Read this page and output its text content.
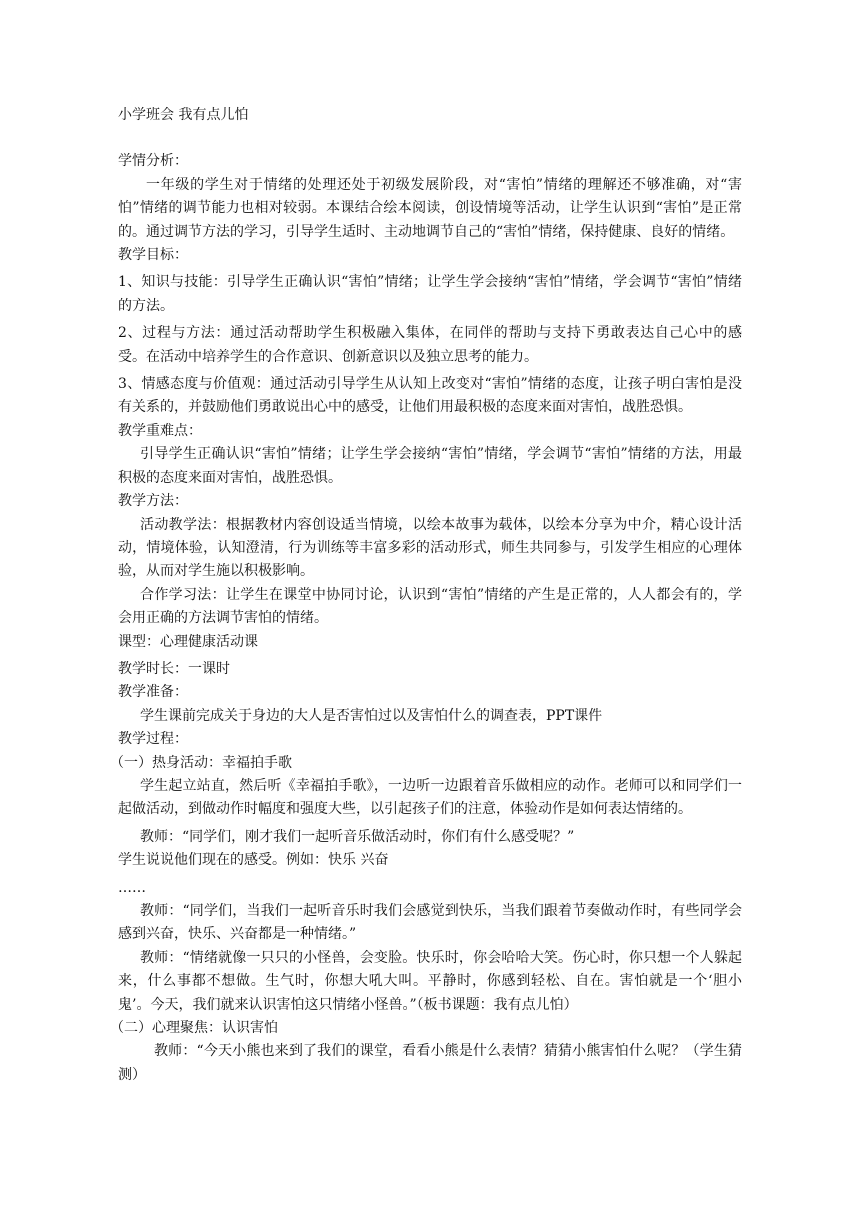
小学班会 我有点儿怕

学情分析：

一年级的学生对于情绪的处理还处于初级发展阶段，对“害怕”情绪的理解还不够准确，对“害怕”情绪的调节能力也相对较弱。本课结合绘本阅读，创设情境等活动，让学生认识到“害怕”是正常的。通过调节方法的学习，引导学生适时、主动地调节自己的“害怕”情绪，保持健康、良好的情绪。

教学目标：

1、知识与技能：引导学生正确认识“害怕”情绪；让学生学会接纳“害怕”情绪，学会调节“害怕”情绪的方法。

2、过程与方法：通过活动帮助学生积极融入集体，在同伴的帮助与支持下勇敢表达自己心中的感受。在活动中培养学生的合作意识、创新意识以及独立思考的能力。

3、情感态度与价值观：通过活动引导学生从认知上改变对“害怕”情绪的态度，让孩子明白害怕是没有关系的，并鼓励他们勇敢说出心中的感受，让他们用最积极的态度来面对害怕，战胜恐惧。

教学重难点：

引导学生正确认识“害怕”情绪；让学生学会接纳“害怕”情绪，学会调节“害怕”情绪的方法，用最积极的态度来面对害怕，战胜恐惧。

教学方法：

活动教学法：根据教材内容创设适当情境，以绘本故事为载体，以绘本分享为中介，精心设计活动，情境体验，认知澄清，行为训练等丰富多彩的活动形式，师生共同参与，引发学生相应的心理体验，从而对学生施以积极影响。

合作学习法：让学生在课堂中协同讨论，认识到“害怕”情绪的产生是正常的，人人都会有的，学会用正确的方法调节害怕的情绪。

课型：心理健康活动课

教学时长：一课时

教学准备：

学生课前完成关于身边的大人是否害怕过以及害怕什么的调查表，PPT课件

教学过程：

（一）热身活动：幸福拍手歌

学生起立站直，然后听《幸福拍手歌》，一边听一边跟着音乐做相应的动作。老师可以和同学们一起做活动，到做动作时幅度和强度大些，以引起孩子们的注意，体验动作是如何表达情绪的。

教师：“同学们，刚才我们一起听音乐做活动时，你们有什么感受呢？”

学生说说他们现在的感受。例如：快乐 兴奋

……

教师：“同学们，当我们一起听音乐时我们会感觉到快乐，当我们跟着节奏做动作时，有些同学会感到兴奋，快乐、兴奋都是一种情绪。”

教师：“情绪就像一只只的小怪兽，会变脸。快乐时，你会哈哈大笑。伤心时，你只想一个人躲起来，什么事都不想做。生气时，你想大吼大叫。平静时，你感到轻松、自在。害怕就是一个‘胆小鬼’。今天，我们就来认识害怕这只情绪小怪兽。”（板书课题：我有点儿怕）

（二）心理聚焦：认识害怕

教师：“今天小熊也来到了我们的课堂，看看小熊是什么表情？猜猜小熊害怕什么呢？（学生猜测）
